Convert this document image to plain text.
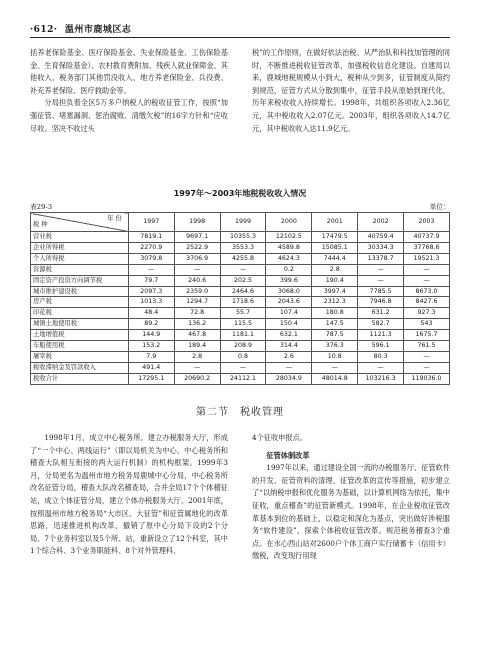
·612· 温州市鹿城区志

括养老保险基金、医疗保险基金、失业保险基金、工伤保险基金、生育保险基金）、农村教育费附加、残疾人就业保障金、其他收入、税务部门其他罚没收入、地方养老保险金、兵役费、补充养老保险、医疗救助金等。

分局担负着全区5万多户纳税人的税收征管工作，按照“加强征管、堵塞漏洞、惩治腐败、清缴欠税”的16字方针和“应收尽收、坚决不收过头

税”的工作原则，在做好依法治税、从严治队和科技加管理的同时，不断推进税收征管改革，加强税收信息化建设。自建局以来，鹿城地税规模从小到大，税种从少到多，征管制度从简约到规范，征管方式从分散到集中，征管手段从原始到现代化，历年来税收收入持续增长。1998年，共组织各项收入2.36亿元，其中税收收入2.07亿元。2003年，组织各项收入14.7亿元，其中税收收入达11.9亿元。

1997年～2003年地税税收收入情况
表29-3	单位：
年 份
税 种	1997	1998	1999	2000	2001	2002	2003
营业税	7819.1	9697.1	10355.3	12102.5	17479.5	40759.4	40737.9
企业所得税	2270.9	2522.9	3553.3	4589.8	15085.1	30334.3	37768.6
个人所得税	3079.8	3706.9	4255.8	4624.3	7444.4	13378.7	19521.3
资源税	—	—	—	0.2	2.8	—	—
固定资产投资方向调节税	79.7	240.6	202.5	399.6	190.4	—	—
城市维护建设税	2097.3	2359.0	2464.6	3068.0	3997.4	7785.5	8673.0
房产税	1013.3	1294.7	1718.6	2043.6	2312.3	7946.8	8427.6
印花税	48.4	72.8	55.7	107.4	180.8	631.2	927.3
城镇土地使用税	89.2	136.2	115.5	150.4	147.5	582.7	543
土地增值税	144.9	467.8	1181.1	632.1	787.5	1121.3	1675.7
车船使用税	153.2	189.4	208.9	314.4	376.3	596.1	761.5
屠宰税	7.9	2.8	0.8	2.6	10.8	80.3	—
税收滞纳金及罚款收入	491.4	—	—	—	—	—	—
税收合计	17295.1	20690.2	24112.1	28034.9	48014.8	103216.3	119036.0
第二节　税收管理

1998年1月，成立中心税务所。建立办税服务大厅，形成了“一个中心、两线运行”（即以局机关为中心、中心税务所和稽查大队相互衔接的两大运行机制）的机构框架。1999年3月，分局更名为温州市地方税务局鹿城中心分局，中心税务所改名征管分局，稽查大队改名稽查局，合并全局17个个体稽征站，成立个体征管分局，建立个体办税服务大厅。2001年底，按照温州市地方税务局“大市区、大征管”和征管属地化的改革思路，迅速推进机构改革，撤销了原中心分局下设的2个分局、7个业务科室以及5个所、站，重新设立了12个科室，其中1个综合科、3个业务职能科、8个对外管理科、

4个征收申报点。

征管体制改革

1997年以来，通过建设全国一流的办税服务厅、征管软件的开发、征管资料的清理、征管改革的宣传等措施，初步建立了“以纳税申报和优化服务为基础，以计算机网络为依托，集中征收，重点稽查”的征管新模式。1998年，在企业税收征管改革基本到位的基础上，以稳定和深化为基点，突出做好涉税服务“软件建设”，探索个体税收征管改革。规范税务稽查3个重点。在水心西山站对2600户个体工商户实行储蓄卡（信用卡）缴税，改变现行用现
